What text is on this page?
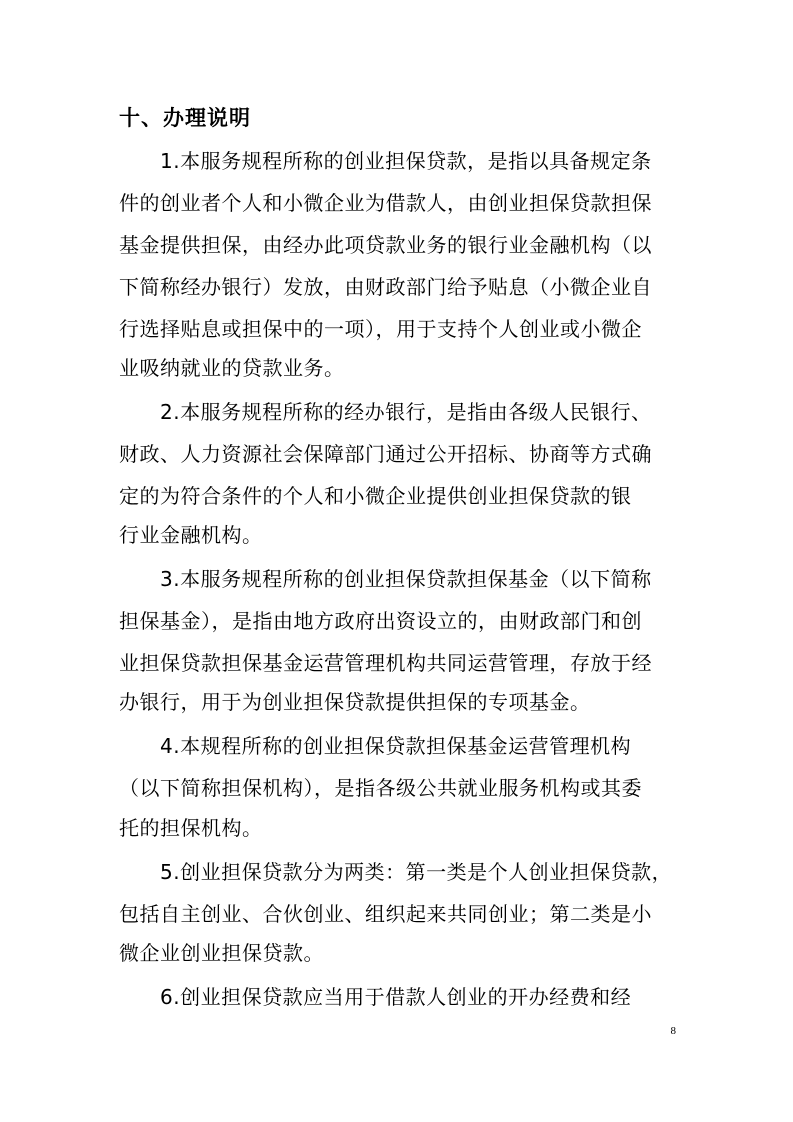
十、办理说明
1.本服务规程所称的创业担保贷款，是指以具备规定条
件的创业者个人和小微企业为借款人，由创业担保贷款担保
基金提供担保，由经办此项贷款业务的银行业金融机构（以
下简称经办银行）发放，由财政部门给予贴息（小微企业自
行选择贴息或担保中的一项），用于支持个人创业或小微企
业吸纳就业的贷款业务。
2.本服务规程所称的经办银行，是指由各级人民银行、
财政、人力资源社会保障部门通过公开招标、协商等方式确
定的为符合条件的个人和小微企业提供创业担保贷款的银
行业金融机构。
3.本服务规程所称的创业担保贷款担保基金（以下简称
担保基金），是指由地方政府出资设立的，由财政部门和创
业担保贷款担保基金运营管理机构共同运营管理，存放于经
办银行，用于为创业担保贷款提供担保的专项基金。
4.本规程所称的创业担保贷款担保基金运营管理机构
（以下简称担保机构），是指各级公共就业服务机构或其委
托的担保机构。
5.创业担保贷款分为两类：第一类是个人创业担保贷款，
包括自主创业、合伙创业、组织起来共同创业；第二类是小
微企业创业担保贷款。
6.创业担保贷款应当用于借款人创业的开办经费和经
8
